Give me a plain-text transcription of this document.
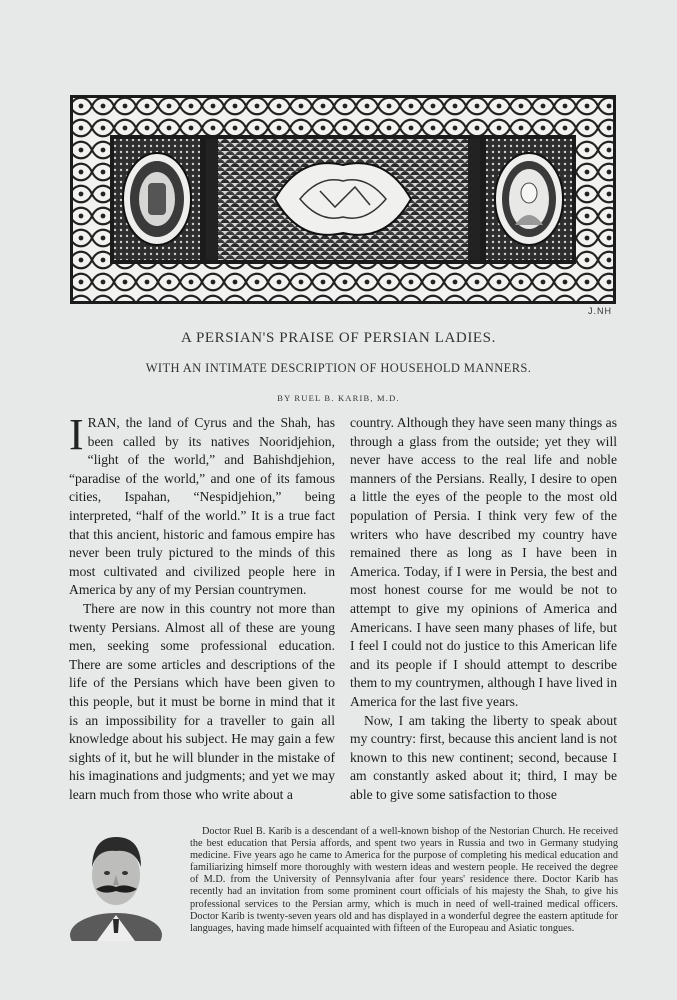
J.NH
A PERSIAN'S PRAISE OF PERSIAN LADIES.
WITH AN INTIMATE DESCRIPTION OF HOUSEHOLD MANNERS.
BY RUEL B. KARIB, M.D.

IRAN, the land of Cyrus and the Shah, has been called by its natives Nooridjehion, “light of the world,” and Bahishdjehion, “paradise of the world,” and one of its famous cities, Ispahan, “Nespidjehion,” being interpreted, “half of the world.” It is a true fact that this ancient, historic and famous empire has never been truly pictured to the minds of this most cultivated and civilized people here in America by any of my Persian countrymen.

There are now in this country not more than twenty Persians. Almost all of these are young men, seeking some professional education. There are some articles and descriptions of the life of the Persians which have been given to this people, but it must be borne in mind that it is an impossibility for a traveller to gain all knowledge about his subject. He may gain a few sights of it, but he will blunder in the mistake of his imaginations and judgments; and yet we may learn much from those who write about a

country. Although they have seen many things as through a glass from the outside; yet they will never have access to the real life and noble manners of the Persians. Really, I desire to open a little the eyes of the people to the most old population of Persia. I think very few of the writers who have described my country have remained there as long as I have been in America. Today, if I were in Persia, the best and most honest course for me would be not to attempt to give my opinions of America and Americans. I have seen many phases of life, but I feel I could not do justice to this American life and its people if I should attempt to describe them to my countrymen, although I have lived in America for the last five years.

Now, I am taking the liberty to speak about my country: first, because this ancient land is not known to this new continent; second, because I am constantly asked about it; third, I may be able to give some satisfaction to those

Doctor Ruel B. Karib is a descendant of a well-known bishop of the Nestorian Church. He received the best education that Persia affords, and spent two years in Russia and two in Germany studying medicine. Five years ago he came to America for the purpose of completing his medical education and familiarizing himself more thoroughly with western ideas and western people. He received the degree of M.D. from the University of Pennsylvania after four years' residence there. Doctor Karib has recently had an invitation from some prominent court officials of his majesty the Shah, to give his professional services to the Persian army, which is much in need of well-trained medical officers. Doctor Karib is twenty-seven years old and has displayed in a wonderful degree the eastern aptitude for languages, having made himself acquainted with fifteen of the Europeau and Asiatic tongues.
